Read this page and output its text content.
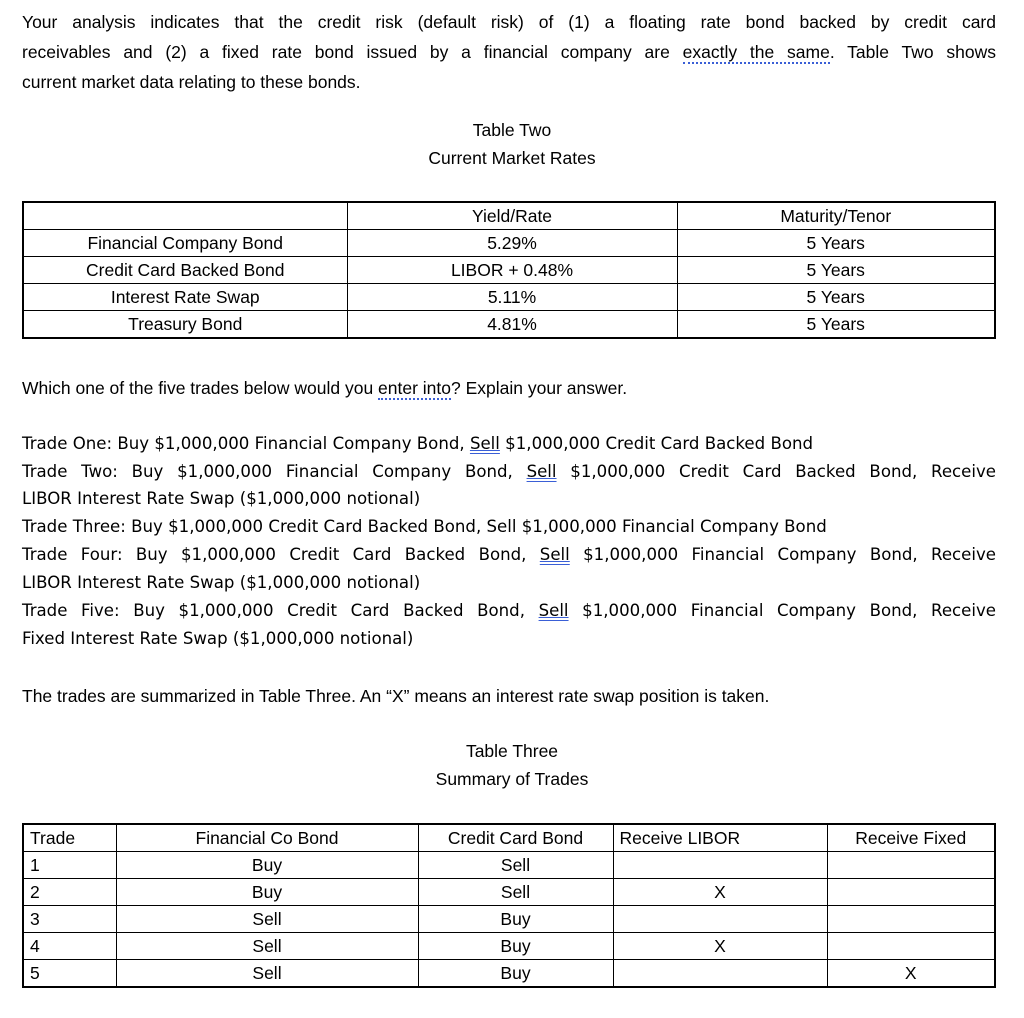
Your analysis indicates that the credit risk (default risk) of (1) a floating rate bond backed by credit card
receivables and (2) a fixed rate bond issued by a financial company are exactly the same. Table Two shows
current market data relating to these bonds.
Table Two
Current Market Rates
	Yield/Rate	Maturity/Tenor
Financial Company Bond	5.29%	5 Years
Credit Card Backed Bond	LIBOR + 0.48%	5 Years
Interest Rate Swap	5.11%	5 Years
Treasury Bond	4.81%	5 Years
Which one of the five trades below would you enter into? Explain your answer.
Trade One: Buy $1,000,000 Financial Company Bond, Sell $1,000,000 Credit Card Backed Bond
Trade Two: Buy $1,000,000 Financial Company Bond, Sell $1,000,000 Credit Card Backed Bond, Receive
LIBOR Interest Rate Swap ($1,000,000 notional)
Trade Three: Buy $1,000,000 Credit Card Backed Bond, Sell $1,000,000 Financial Company Bond
Trade Four: Buy $1,000,000 Credit Card Backed Bond, Sell $1,000,000 Financial Company Bond, Receive
LIBOR Interest Rate Swap ($1,000,000 notional)
Trade Five: Buy $1,000,000 Credit Card Backed Bond, Sell $1,000,000 Financial Company Bond, Receive
Fixed Interest Rate Swap ($1,000,000 notional)
The trades are summarized in Table Three. An “X” means an interest rate swap position is taken.
Table Three
Summary of Trades
Trade	Financial Co Bond	Credit Card Bond	Receive LIBOR	Receive Fixed
1	Buy	Sell		
2	Buy	Sell	X	
3	Sell	Buy		
4	Sell	Buy	X	
5	Sell	Buy		X
